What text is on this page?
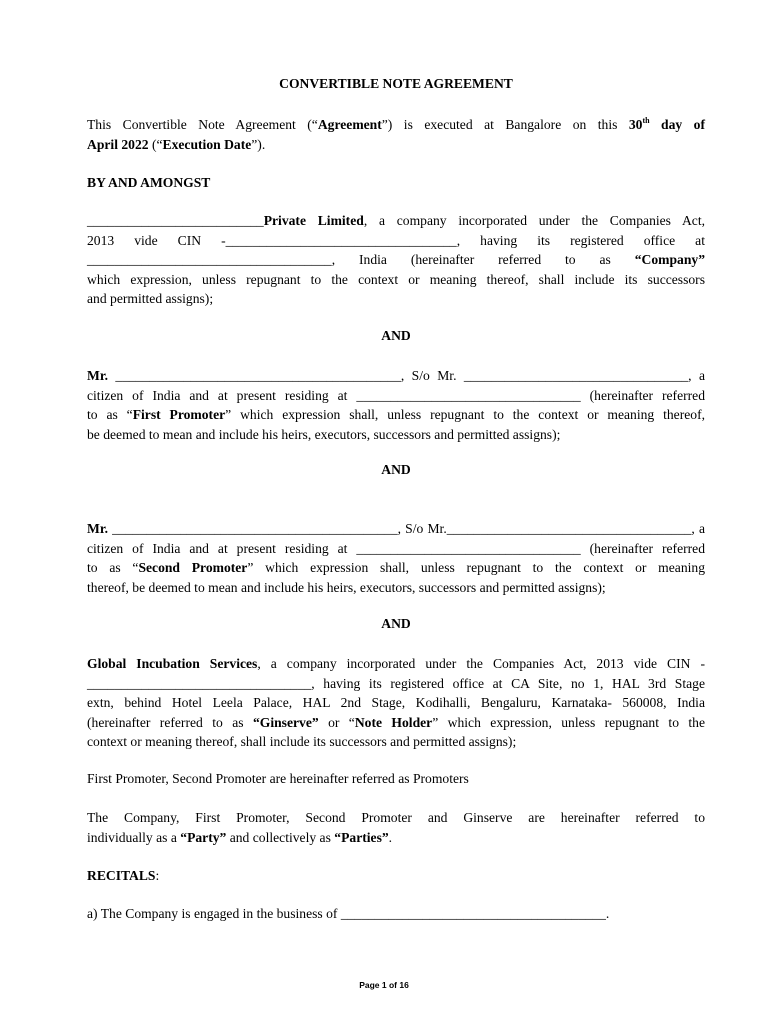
CONVERTIBLE NOTE AGREEMENT
This Convertible Note Agreement (“Agreement”) is executed at Bangalore on this 30th day of
April 2022 (“Execution Date”).
BY AND AMONGST
__________________________Private Limited, a company incorporated under the Companies Act,
2013 vide CIN -__________________________________, having its registered office at
____________________________________, India (hereinafter referred to as “Company”
which expression, unless repugnant to the context or meaning thereof, shall include its successors
and permitted assigns);
AND
Mr. __________________________________________, S/o Mr. _________________________________, a
citizen of India and at present residing at _________________________________ (hereinafter referred
to as “First Promoter” which expression shall, unless repugnant to the context or meaning thereof,
be deemed to mean and include his heirs, executors, successors and permitted assigns);
AND
Mr. __________________________________________, S/o Mr.____________________________________, a
citizen of India and at present residing at _________________________________ (hereinafter referred
to as “Second Promoter” which expression shall, unless repugnant to the context or meaning
thereof, be deemed to mean and include his heirs, executors, successors and permitted assigns);
AND
Global Incubation Services, a company incorporated under the Companies Act, 2013 vide CIN -
_________________________________, having its registered office at CA Site, no 1, HAL 3rd Stage
extn, behind Hotel Leela Palace, HAL 2nd Stage, Kodihalli, Bengaluru, Karnataka- 560008, India
(hereinafter referred to as “Ginserve” or “Note Holder” which expression, unless repugnant to the
context or meaning thereof, shall include its successors and permitted assigns);
First Promoter, Second Promoter are hereinafter referred as Promoters
The Company, First Promoter, Second Promoter and Ginserve are hereinafter referred to
individually as a “Party” and collectively as “Parties”.
RECITALS:
a) The Company is engaged in the business of _______________________________________.
Page 1 of 16
